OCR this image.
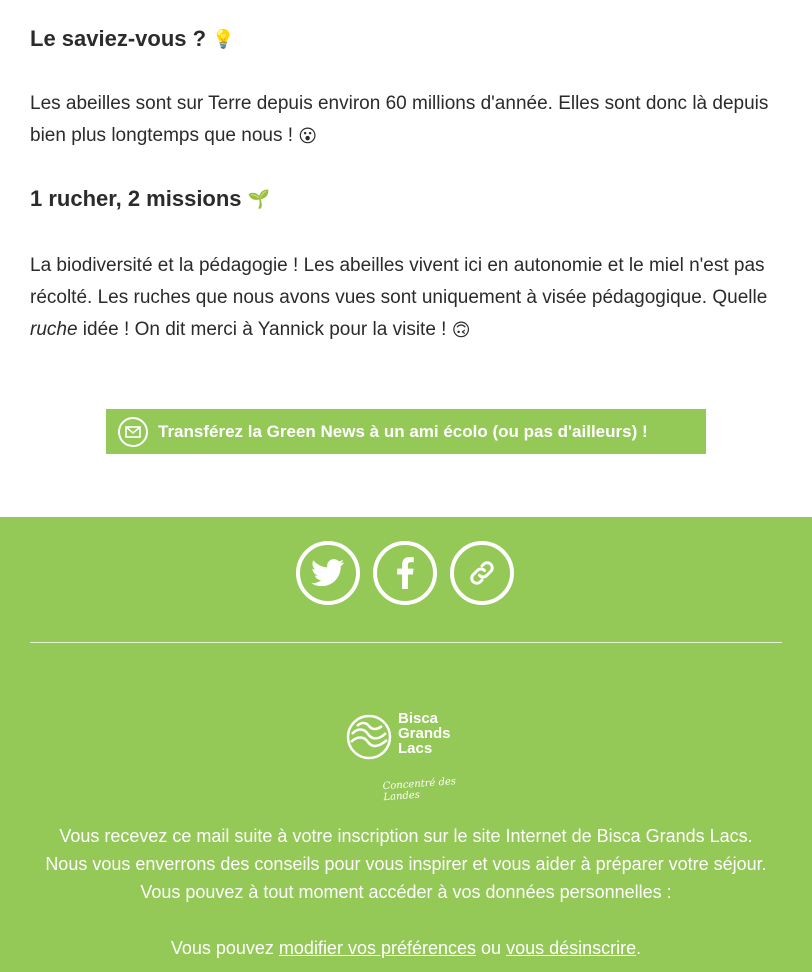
Le saviez-vous ? 💡

Les abeilles sont sur Terre depuis environ 60 millions d'année. Elles sont donc là depuis bien plus longtemps que nous ! 😮

1 rucher, 2 missions 🌱

La biodiversité et la pédagogie ! Les abeilles vivent ici en autonomie et le miel n'est pas récolté. Les ruches que nous avons vues sont uniquement à visée pédagogique. Quelle ruche idée ! On dit merci à Yannick pour la visite ! 🙃

Transférez la Green News à un ami écolo (ou pas d'ailleurs) !
Bisca
Grands
Lacs
Concentré des Landes
Vous recevez ce mail suite à votre inscription sur le site Internet de Bisca Grands Lacs.
Nous vous enverrons des conseils pour vous inspirer et vous aider à préparer votre séjour.
Vous pouvez à tout moment accéder à vos données personnelles :
Vous pouvez modifier vos préférences ou vous désinscrire.
